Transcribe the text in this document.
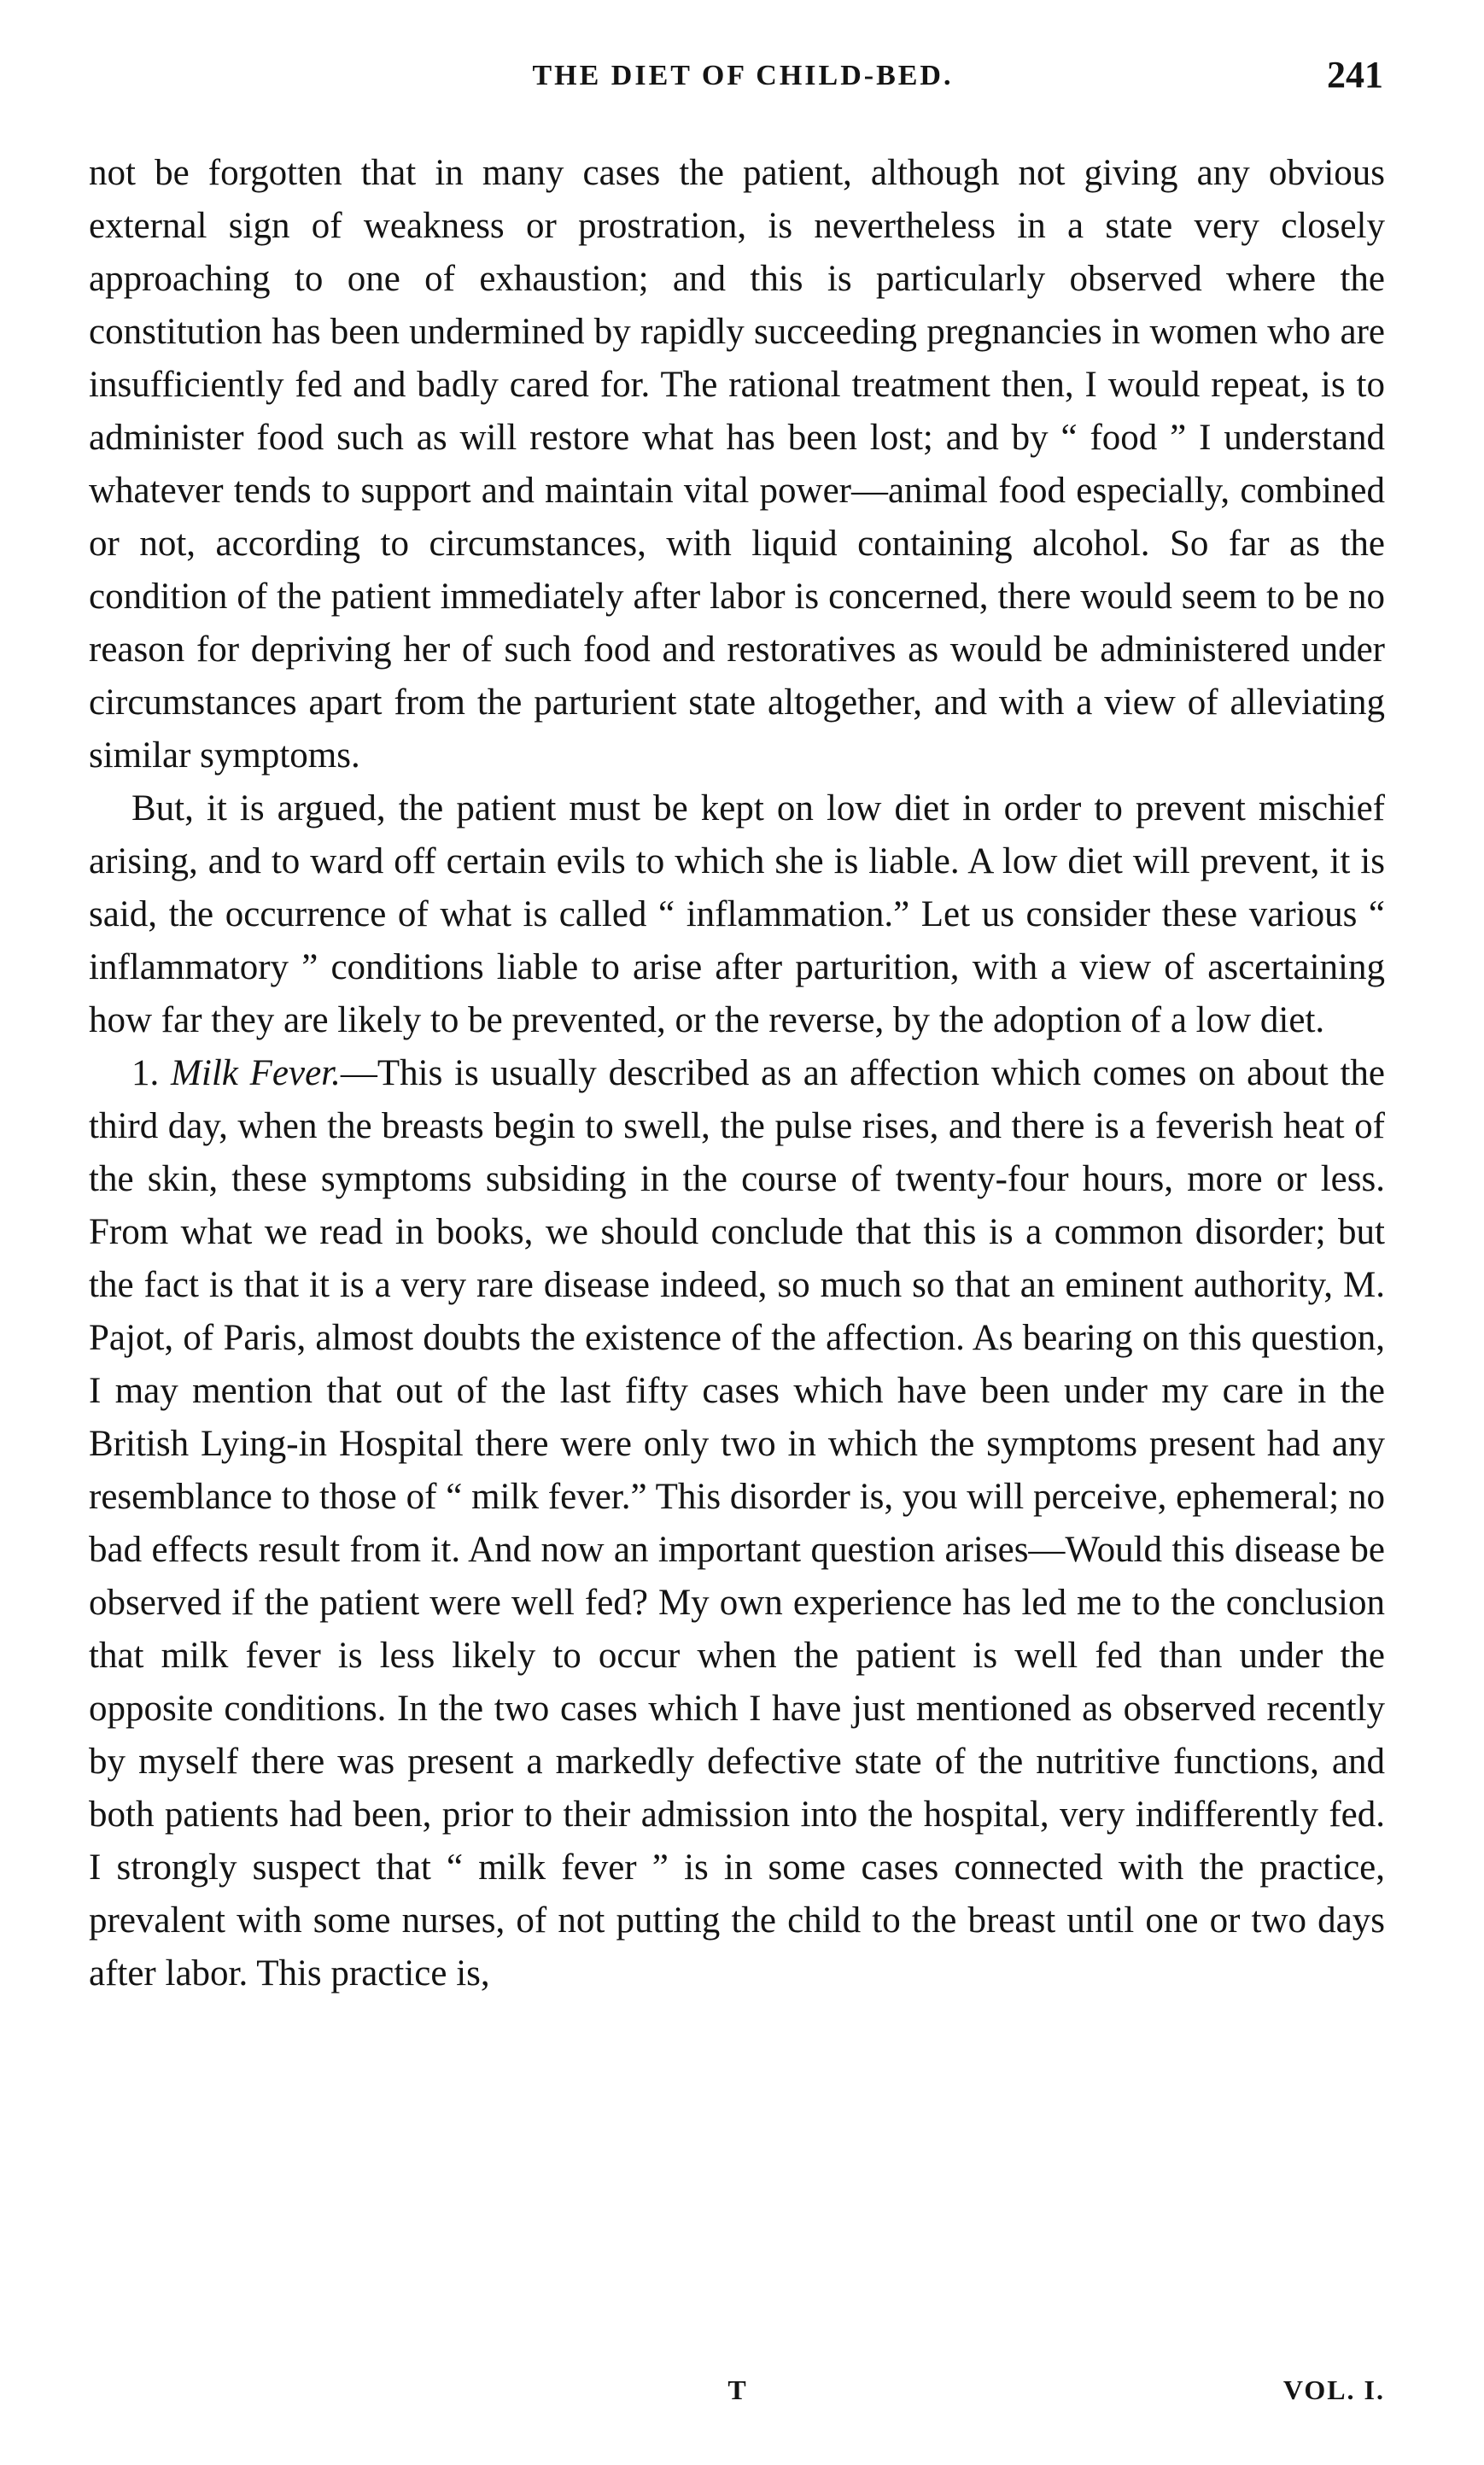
THE DIET OF CHILD-BED.	241

not be forgotten that in many cases the patient, although not giving any obvious external sign of weakness or prostration, is nevertheless in a state very closely approaching to one of exhaustion; and this is particularly observed where the constitution has been undermined by rapidly succeeding pregnancies in women who are insufficiently fed and badly cared for. The rational treatment then, I would repeat, is to administer food such as will restore what has been lost; and by “ food ” I understand whatever tends to support and maintain vital power—animal food especially, combined or not, according to circumstances, with liquid containing alcohol. So far as the condition of the patient immediately after labor is concerned, there would seem to be no reason for depriving her of such food and restoratives as would be administered under circumstances apart from the parturient state altogether, and with a view of alleviating similar symptoms.

But, it is argued, the patient must be kept on low diet in order to prevent mischief arising, and to ward off certain evils to which she is liable. A low diet will prevent, it is said, the occurrence of what is called “ inflammation.” Let us consider these various “ inflammatory ” conditions liable to arise after parturition, with a view of ascertaining how far they are likely to be prevented, or the reverse, by the adoption of a low diet.

1. Milk Fever.—This is usually described as an affection which comes on about the third day, when the breasts begin to swell, the pulse rises, and there is a feverish heat of the skin, these symptoms subsiding in the course of twenty-four hours, more or less. From what we read in books, we should conclude that this is a common disorder; but the fact is that it is a very rare disease indeed, so much so that an eminent authority, M. Pajot, of Paris, almost doubts the existence of the affection. As bearing on this question, I may mention that out of the last fifty cases which have been under my care in the British Lying-in Hospital there were only two in which the symptoms present had any resemblance to those of “ milk fever.” This disorder is, you will perceive, ephemeral; no bad effects result from it. And now an important question arises—Would this disease be observed if the patient were well fed? My own experience has led me to the conclusion that milk fever is less likely to occur when the patient is well fed than under the opposite conditions. In the two cases which I have just mentioned as observed recently by myself there was present a markedly defective state of the nutritive functions, and both patients had been, prior to their admission into the hospital, very indifferently fed. I strongly suspect that “ milk fever ” is in some cases connected with the practice, prevalent with some nurses, of not putting the child to the breast until one or two days after labor. This practice is,

T	VOL. I.
